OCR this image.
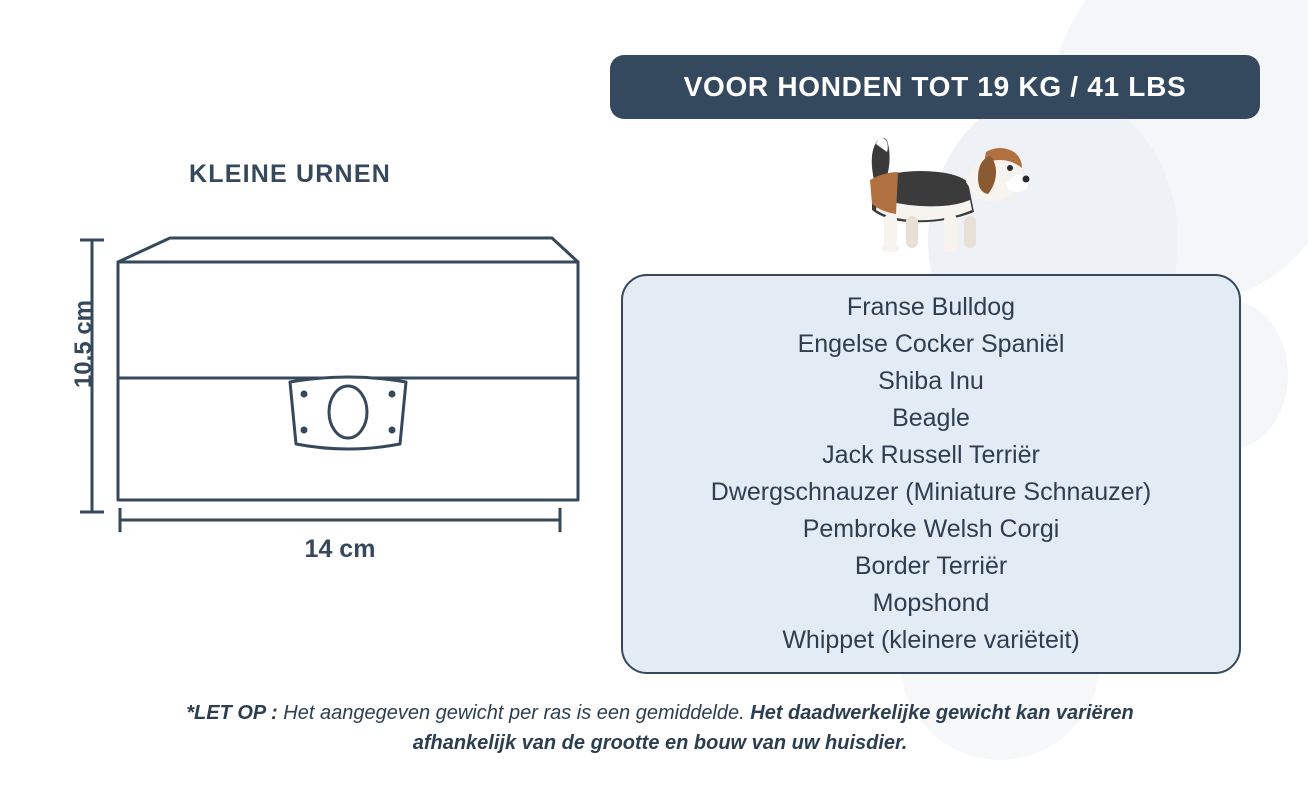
KLEINE URNEN
10.5 cm
14 cm
VOOR HONDEN TOT 19 KG / 41 LBS
Franse Bulldog
Engelse Cocker Spaniël
Shiba Inu
Beagle
Jack Russell Terriër
Dwergschnauzer (Miniature Schnauzer)
Pembroke Welsh Corgi
Border Terriër
Mopshond
Whippet (kleinere variëteit)
*LET OP : Het aangegeven gewicht per ras is een gemiddelde. Het daadwerkelijke gewicht kan variëren afhankelijk van de grootte en bouw van uw huisdier.
